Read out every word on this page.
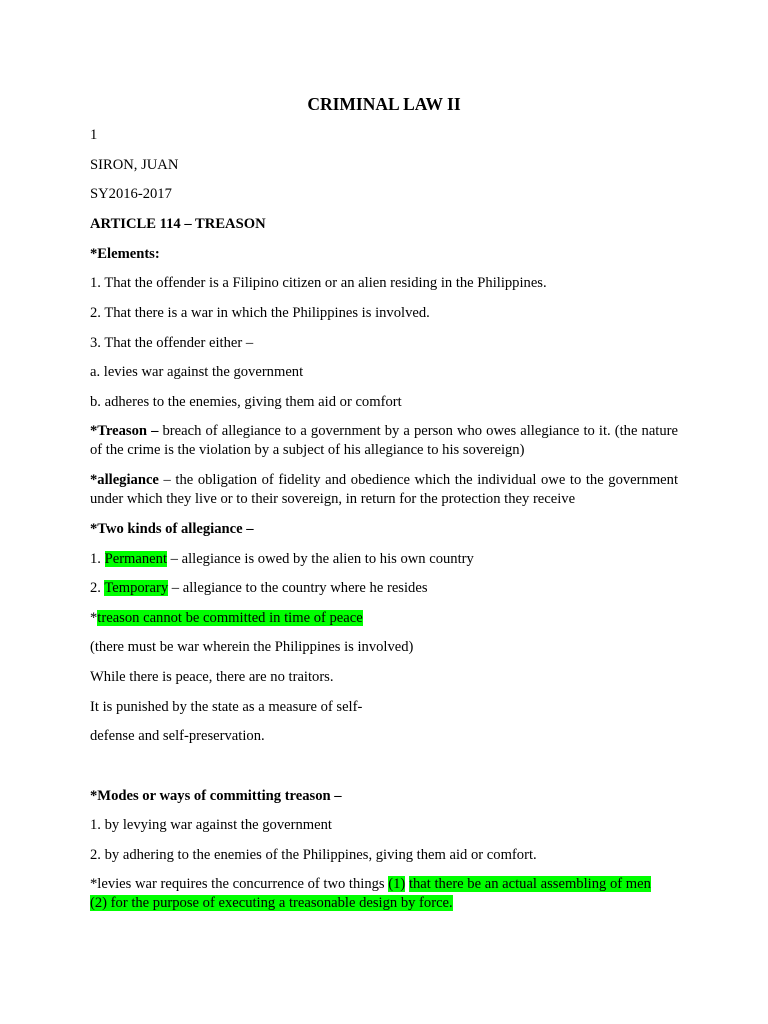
CRIMINAL LAW II
1
SIRON, JUAN
SY2016-2017
ARTICLE 114 – TREASON
*Elements:
1. That the offender is a Filipino citizen or an alien residing in the Philippines.
2. That there is a war in which the Philippines is involved.
3. That the offender either –
a. levies war against the government
b. adheres to the enemies, giving them aid or comfort
*Treason – breach of allegiance to a government by a person who owes allegiance to it. (the nature of the crime is the violation by a subject of his allegiance to his sovereign)
*allegiance – the obligation of fidelity and obedience which the individual owe to the government under which they live or to their sovereign, in return for the protection they receive
*Two kinds of allegiance –
1. Permanent – allegiance is owed by the alien to his own country
2. Temporary – allegiance to the country where he resides
*treason cannot be committed in time of peace
(there must be war wherein the Philippines is involved)
While there is peace, there are no traitors.
It is punished by the state as a measure of self-
defense and self-preservation.
*Modes or ways of committing treason –
1. by levying war against the government
2. by adhering to the enemies of the Philippines, giving them aid or comfort.
*levies war requires the concurrence of two things (1) that there be an actual assembling of men
(2) for the purpose of executing a treasonable design by force.
